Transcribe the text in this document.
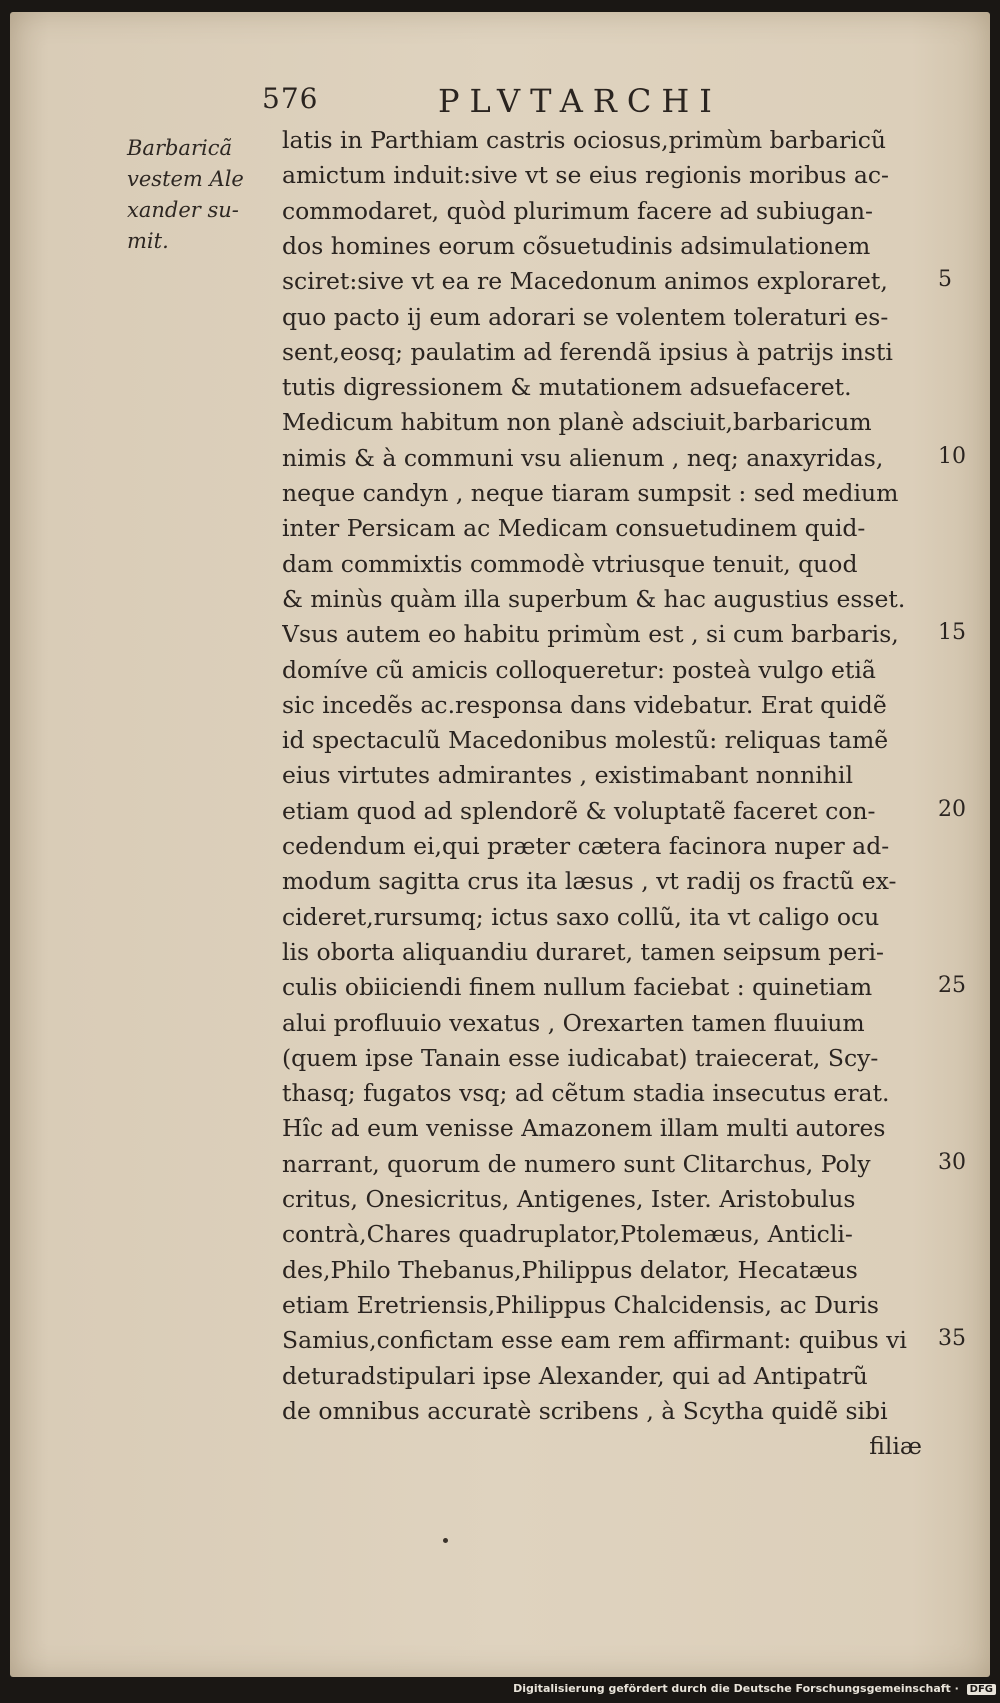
576	PLVTARCHI
Barbaricã
vestem Ale
xander su-
mit.
latis in Parthiam castris ociosus,primùm barbaricũ
amictum induit:sive vt se eius regionis moribus ac-
commodaret, quòd plurimum facere ad subiugan-
dos homines eorum cõsuetudinis adsimulationem
sciret:sive vt ea re Macedonum animos exploraret,
quo pacto ij eum adorari se volentem toleraturi es-
sent,eosq; paulatim ad ferendã ipsius à patrijs insti
tutis digressionem & mutationem adsuefaceret.
Medicum habitum non planè adsciuit,barbaricum
nimis & à communi vsu alienum , neq; anaxyridas,
neque candyn , neque tiaram sumpsit : sed medium
inter Persicam ac Medicam consuetudinem quid-
dam commixtis commodè vtriusque tenuit, quod
& minùs quàm illa superbum & hac augustius esset.
Vsus autem eo habitu primùm est , si cum barbaris,
domíve cũ amicis colloqueretur: posteà vulgo etiã
sic incedẽs ac.responsa dans videbatur. Erat quidẽ
id spectaculũ Macedonibus molestũ: reliquas tamẽ
eius virtutes admirantes , existimabant nonnihil
etiam quod ad splendorẽ & voluptatẽ faceret con-
cedendum ei,qui præter cætera facinora nuper ad-
modum sagitta crus ita læsus , vt radij os fractũ ex-
cideret,rursumq; ictus saxo collũ, ita vt caligo ocu
lis oborta aliquandiu duraret, tamen seipsum peri-
culis obiiciendi finem nullum faciebat : quinetiam
alui profluuio vexatus , Orexarten tamen fluuium
(quem ipse Tanain esse iudicabat) traiecerat, Scy-
thasq; fugatos vsq; ad cẽtum stadia insecutus erat.
Hîc ad eum venisse Amazonem illam multi autores
narrant, quorum de numero sunt Clitarchus, Poly
critus, Onesicritus, Antigenes, Ister. Aristobulus
contrà,Chares quadruplator,Ptolemæus, Anticli-
des,Philo Thebanus,Philippus delator, Hecatæus
etiam Eretriensis,Philippus Chalcidensis, ac Duris
Samius,confictam esse eam rem affirmant: quibus vi
deturadstipulari ipse Alexander, qui ad Antipatrũ
de omnibus accuratè scribens , à Scytha quidẽ sibi
filiæ
5
10
15
20
25
30
35
Digitalisierung gefördert durch die Deutsche Forschungsgemeinschaft · DFG
